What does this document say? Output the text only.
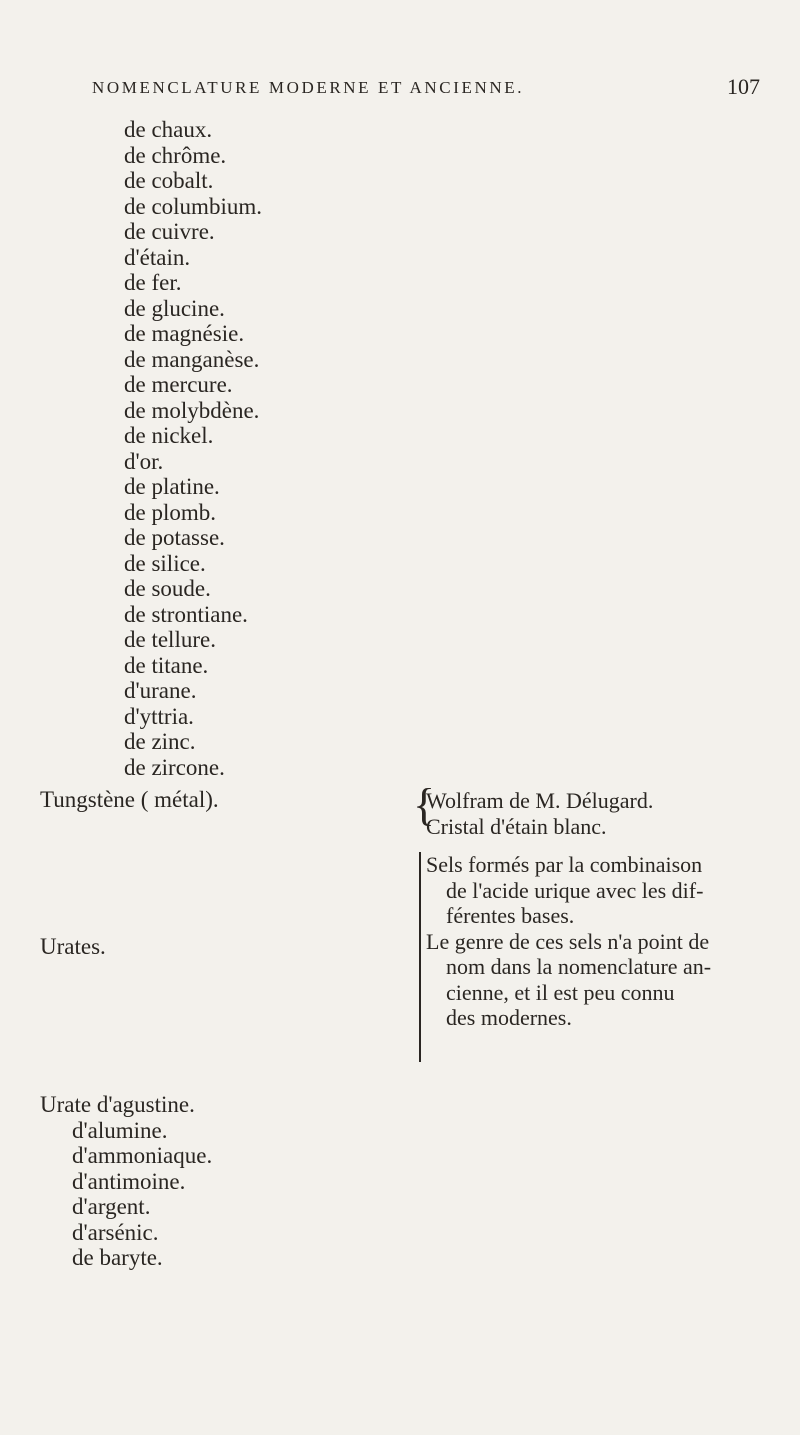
NOMENCLATURE MODERNE ET ANCIENNE.	107
de chaux.
de chrôme.
de cobalt.
de columbium.
de cuivre.
d'étain.
de fer.
de glucine.
de magnésie.
de manganèse.
de mercure.
de molybdène.
de nickel.
d'or.
de platine.
de plomb.
de potasse.
de silice.
de soude.
de strontiane.
de tellure.
de titane.
d'urane.
d'yttria.
de zinc.
de zircone.
Tungstène ( métal).	{

Wolfram de M. Délugard.

Cristal d'étain blanc.

Urates.

Sels formés par la combinaison

de l'acide urique avec les dif-

férentes bases.

Le genre de ces sels n'a point de

nom dans la nomenclature an-

cienne, et il est peu connu

des modernes.

Urate d'agustine.
d'alumine.
d'ammoniaque.
d'antimoine.
d'argent.
d'arsénic.
de baryte.
